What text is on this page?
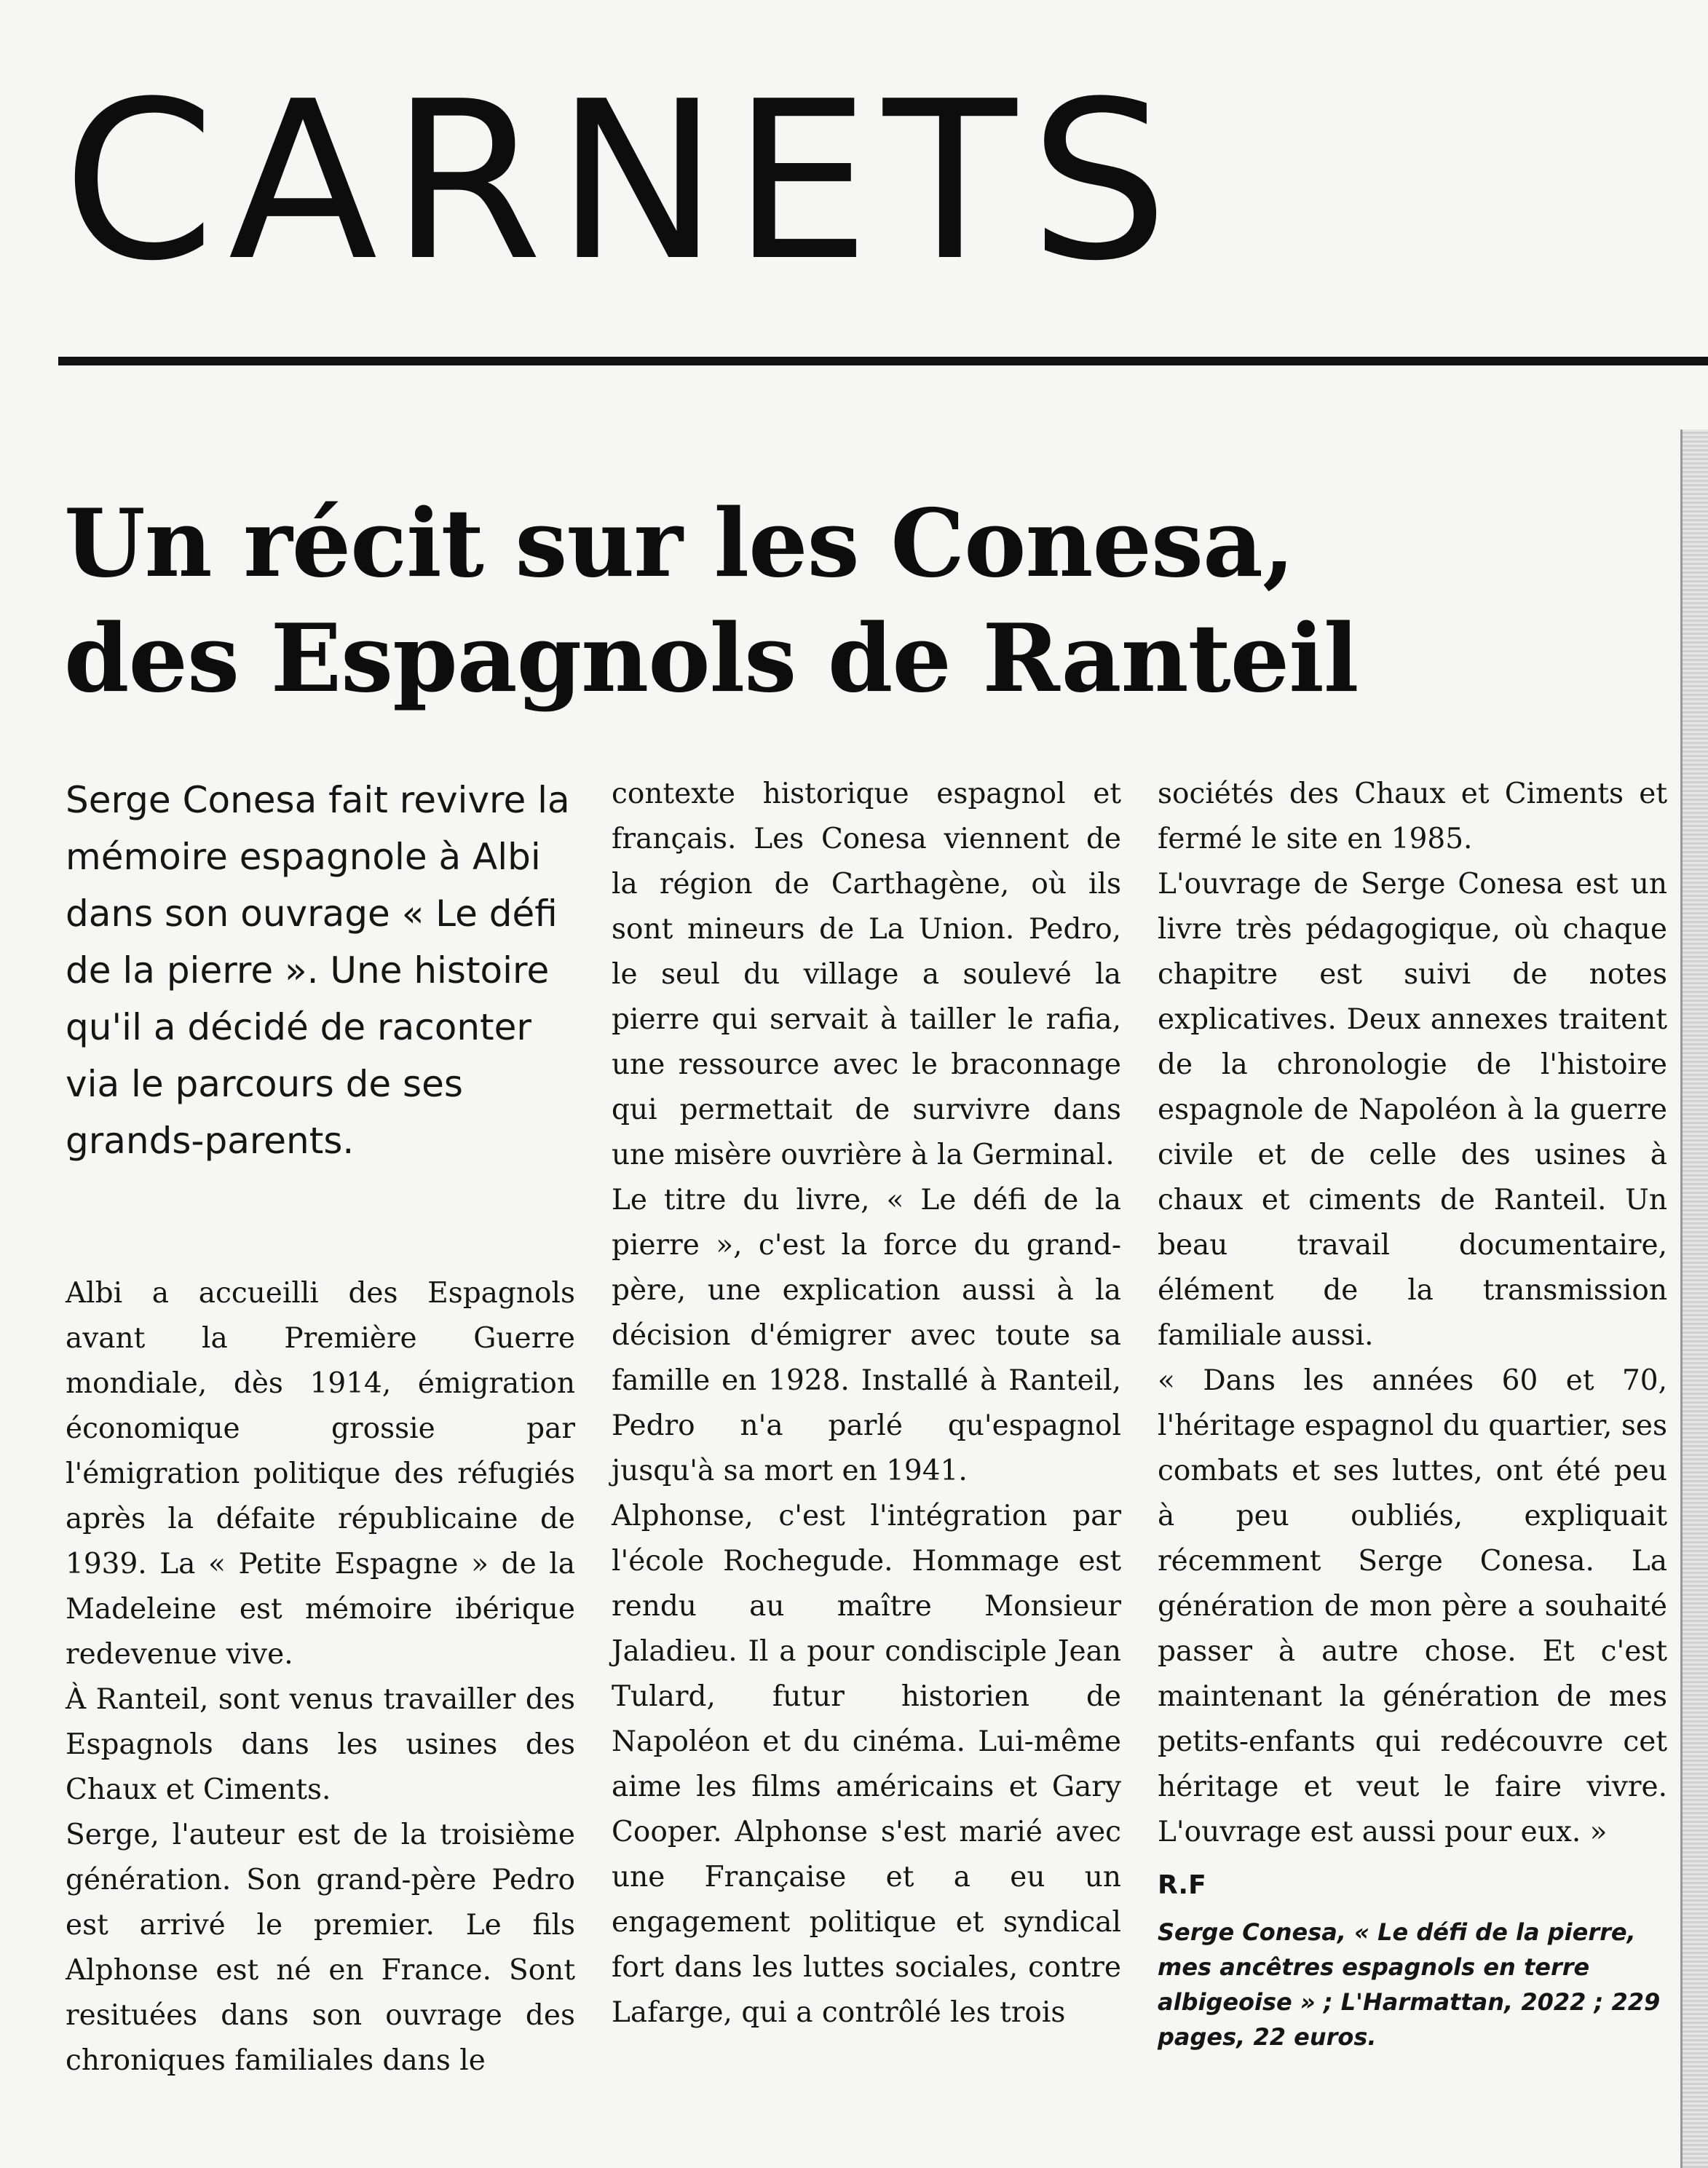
CARNETS
Un récit sur les Conesa,
des Espagnols de Ranteil

Serge Conesa fait revivre la mémoire espagnole à Albi dans son ouvrage « Le défi de la pierre ». Une histoire qu'il a décidé de raconter via le parcours de ses grands-parents.

Albi a accueilli des Espagnols avant la Première Guerre mondiale, dès 1914, émigration économique grossie par l'émigration politique des réfugiés après la défaite républicaine de 1939. La « Petite Espagne » de la Madeleine est mémoire ibérique redevenue vive.

À Ranteil, sont venus travailler des Espagnols dans les usines des Chaux et Ciments.

Serge, l'auteur est de la troisième génération. Son grand-père Pedro est arrivé le premier. Le fils Alphonse est né en France. Sont resituées dans son ouvrage des chroniques familiales dans le

contexte historique espagnol et français. Les Conesa viennent de la région de Carthagène, où ils sont mineurs de La Union. Pedro, le seul du village a soulevé la pierre qui servait à tailler le rafia, une ressource avec le braconnage qui permettait de survivre dans une misère ouvrière à la Germinal.

Le titre du livre, « Le défi de la pierre », c'est la force du grand-père, une explication aussi à la décision d'émigrer avec toute sa famille en 1928. Installé à Ranteil, Pedro n'a parlé qu'espagnol jusqu'à sa mort en 1941.

Alphonse, c'est l'intégration par l'école Rochegude. Hommage est rendu au maître Monsieur Jaladieu. Il a pour condisciple Jean Tulard, futur historien de Napoléon et du cinéma. Lui-même aime les films américains et Gary Cooper. Alphonse s'est marié avec une Française et a eu un engagement politique et syndical fort dans les luttes sociales, contre Lafarge, qui a contrôlé les trois

sociétés des Chaux et Ciments et fermé le site en 1985.

L'ouvrage de Serge Conesa est un livre très pédagogique, où chaque chapitre est suivi de notes explicatives. Deux annexes traitent de la chronologie de l'histoire espagnole de Napoléon à la guerre civile et de celle des usines à chaux et ciments de Ranteil. Un beau travail documentaire, élément de la transmission familiale aussi.

« Dans les années 60 et 70, l'héritage espagnol du quartier, ses combats et ses luttes, ont été peu à peu oubliés, expliquait récemment Serge Conesa. La génération de mon père a souhaité passer à autre chose. Et c'est maintenant la génération de mes petits-enfants qui redécouvre cet héritage et veut le faire vivre. L'ouvrage est aussi pour eux. »

R.F

Serge Conesa, « Le défi de la pierre, mes ancêtres espagnols en terre albigeoise » ; L'Harmattan, 2022 ; 229 pages, 22 euros.
